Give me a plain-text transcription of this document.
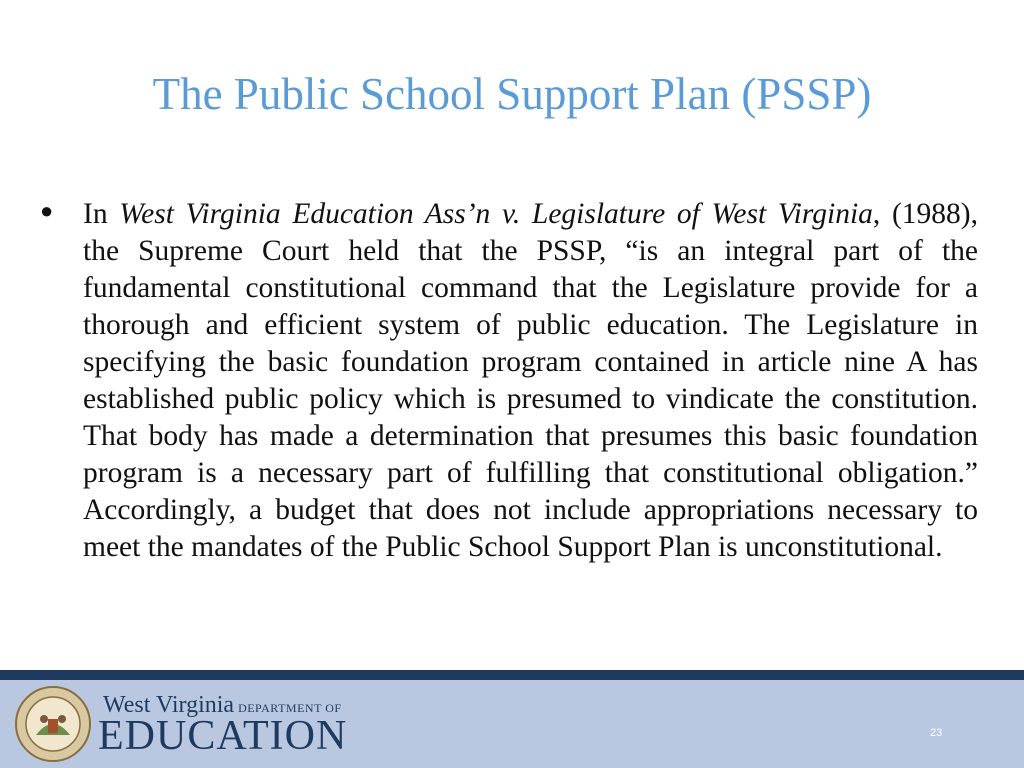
The Public School Support Plan (PSSP)
● In West Virginia Education Ass’n v. Legislature of West Virginia, (1988), the Supreme Court held that the PSSP, “is an integral part of the fundamental constitutional command that the Legislature provide for a thorough and efficient system of public education. The Legislature in specifying the basic foundation program contained in article nine A has established public policy which is presumed to vindicate the constitution. That body has made a determination that presumes this basic foundation program is a necessary part of fulfilling that constitutional obligation.” Accordingly, a budget that does not include appropriations necessary to meet the mandates of the Public School Support Plan is unconstitutional.
West Virginia DEPARTMENT OF
EDUCATION	23
